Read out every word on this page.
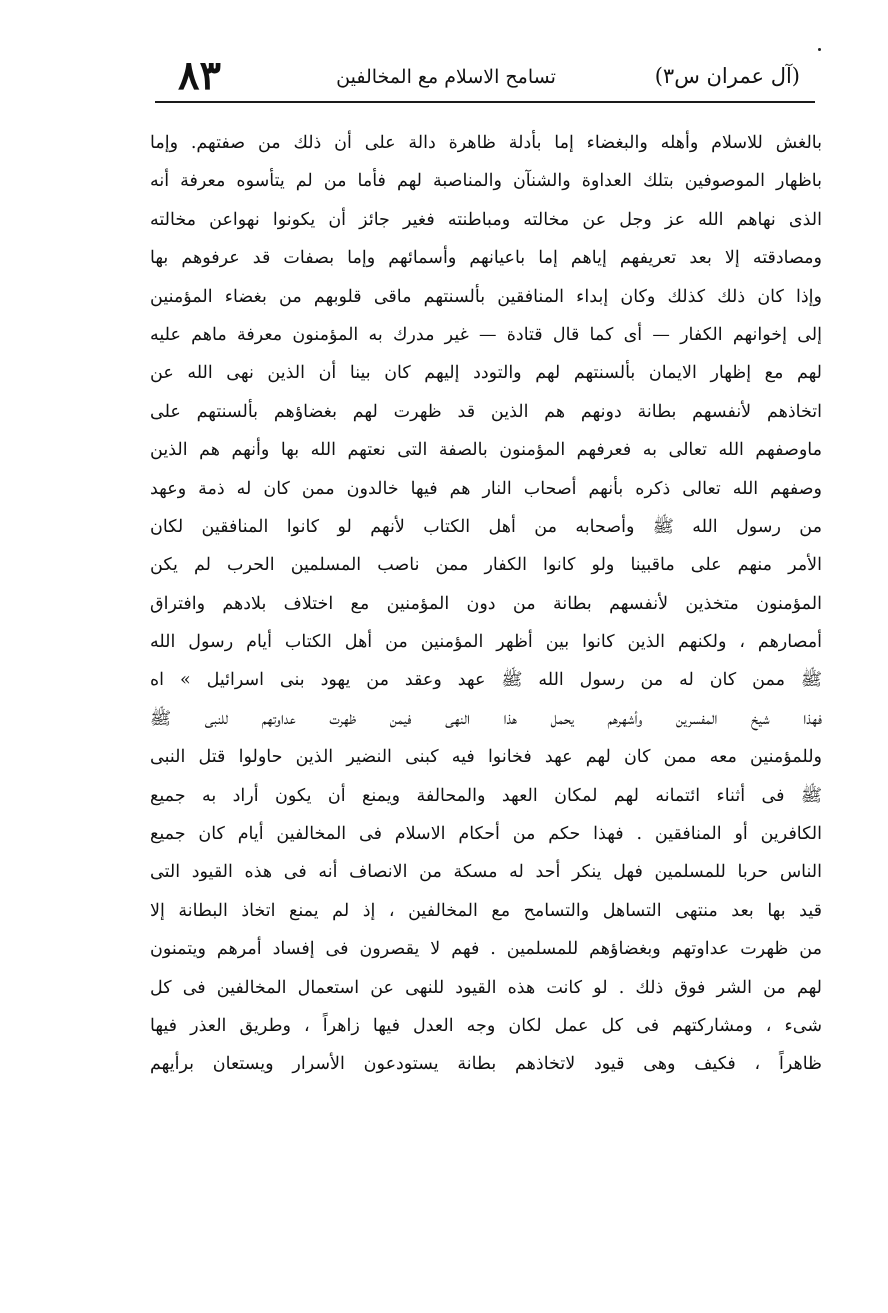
٨٣	تسامح الاسلام مع المخالفين	(آل عمران س٣)
بالغش للاسلام وأهله والبغضاء إما بأدلة ظاهرة دالة على أن ذلك من صفتهم. وإما
باظهار الموصوفين بتلك العداوة والشنآن والمناصبة لهم فأما من لم يتأسوه معرفة أنه
الذى نهاهم الله عز وجل عن مخالته ومباطنته فغير جائز أن يكونوا نهواعن مخالته
ومصادقته إلا بعد تعريفهم إياهم إما باعيانهم وأسمائهم وإما بصفات قد عرفوهم بها
وإذا كان ذلك كذلك وكان إبداء المنافقين بألسنتهم ماقى قلوبهم من بغضاء المؤمنين
إلى إخوانهم الكفار — أى كما قال قتادة — غير مدرك به المؤمنون معرفة ماهم عليه
لهم مع إظهار الايمان بألسنتهم لهم والتودد إليهم كان بينا أن الذين نهى الله عن
اتخاذهم لأنفسهم بطانة دونهم هم الذين قد ظهرت لهم بغضاؤهم بألسنتهم على
ماوصفهم الله تعالى به فعرفهم المؤمنون بالصفة التى نعتهم الله بها وأنهم هم الذين
وصفهم الله تعالى ذكره بأنهم أصحاب النار هم فيها خالدون ممن كان له ذمة وعهد
من رسول الله ﷺ وأصحابه من أهل الكتاب لأنهم لو كانوا المنافقين لكان
الأمر منهم على ماقبينا ولو كانوا الكفار ممن ناصب المسلمين الحرب لم يكن
المؤمنون متخذين لأنفسهم بطانة من دون المؤمنين مع اختلاف بلادهم وافتراق
أمصارهم ، ولكنهم الذين كانوا بين أظهر المؤمنين من أهل الكتاب أيام رسول الله
ﷺ ممن كان له من رسول الله ﷺ عهد وعقد من يهود بنى اسرائيل » اه
فهذا شيخ المفسرين وأشهرهم يحمل هذا النهى فيمن ظهرت عداوتهم للنبى ﷺ
وللمؤمنين معه ممن كان لهم عهد فخانوا فيه كبنى النضير الذين حاولوا قتل النبى
ﷺ فى أثناء ائتمانه لهم لمكان العهد والمحالفة ويمنع أن يكون أراد به جميع
الكافرين أو المنافقين . فهذا حكم من أحكام الاسلام فى المخالفين أيام كان جميع
الناس حربا للمسلمين فهل ينكر أحد له مسكة من الانصاف أنه فى هذه القيود التى
قيد بها بعد منتهى التساهل والتسامح مع المخالفين ، إذ لم يمنع اتخاذ البطانة إلا
من ظهرت عداوتهم وبغضاؤهم للمسلمين . فهم لا يقصرون فى إفساد أمرهم ويتمنون
لهم من الشر فوق ذلك . لو كانت هذه القيود للنهى عن استعمال المخالفين فى كل
شىء ، ومشاركتهم فى كل عمل لكان وجه العدل فيها زاهراً ، وطريق العذر فيها
ظاهراً ، فكيف وهى قيود لاتخاذهم بطانة يستودعون الأسرار ويستعان برأيهم
